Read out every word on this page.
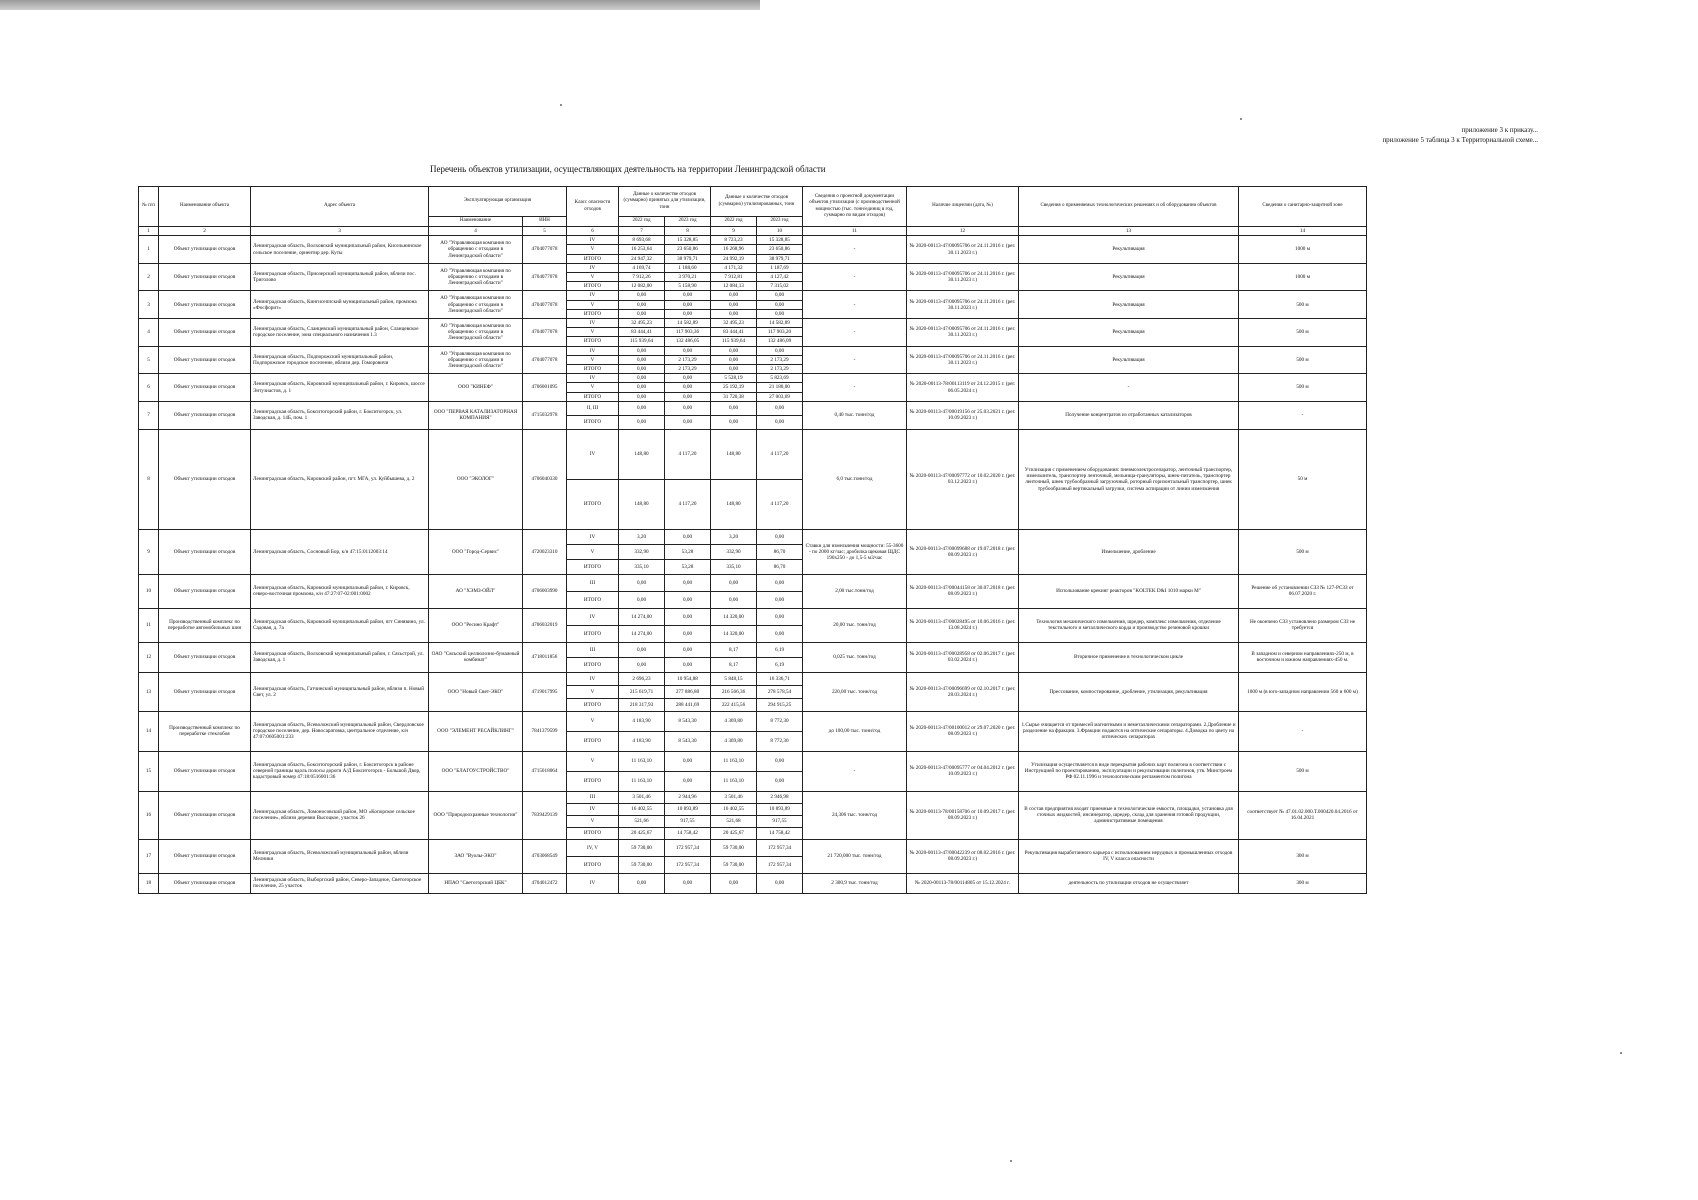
приложение 3 к приказу...
приложение 5 таблица 3 к Территориальной схеме...
Перечень объектов утилизации, осуществляющих деятельность на территории Ленинградской области
№ п/п	Наименование объекта	Адрес объекта	Эксплуатирующая организация		Класс опасности отходов	Данные о количестве отходов (суммарно) принятых для утилизации, тонн		Данные о количестве отходов (суммарно) утилизированных, тонн		Сведения о проектной документации объектов утилизации (с производственной мощностью (тыс. тонн/единиц в год, суммарно по видам отходов)	Наличие лицензии (дата, №)	Сведения о применяемых технологических решениях и об оборудовании объектов	Сведения о санитарно-защитной зоне
			Наименование	ИНН		2022 год	2023 год	2022 год	2023 год				
1	2	3	4	5	6	7	8	9	10	11	12	13	14
1	Объект утилизации отходов	Ленинградская область, Волховский муниципальный район, Кисельнинское сельское поселение, ориентир дер. Куты	АО "Управляющая компания по обращению с отходами в Ленинградской области"	4704077078	IV	8 693,68	15 328,85	8 723,23	15 328,85	-	№ 2020-00113-47/00095706 от 24.11.2016 г. (рег. 30.11.2023 г.)	Рекультивация	1000 м
					V	16 253,64	23 650,86	16 268,96	23 650,86				
					ИТОГО	24 947,32	38 979,71	24 992,19	38 979,71				
2	Объект утилизации отходов	Ленинградская область, Приозерский муниципальный район, вблизи пос. Триголово	АО "Управляющая компания по обращению с отходами в Ленинградской области"	4704077078	IV	4 169,74	1 188,60	4 171,32	1 187,69	-	№ 2020-00113-47/00095706 от 24.11.2016 г. (рег. 30.11.2023 г.)	Рекультивация	1000 м
					V	7 912,26	3 970,21	7 912,81	4 127,42				
					ИТОГО	12 082,00	5 158,90	12 084,13	7 315,02				
3	Объект утилизации отходов	Ленинградская область, Кингисеппский муниципальный район, промзона «Фосфорит»	АО "Управляющая компания по обращению с отходами в Ленинградской области"	4704077078	IV	0,00	0,00	0,00	0,00	-	№ 2020-00113-47/00095706 от 24.11.2016 г. (рег. 30.11.2023 г.)	Рекультивация	500 м
					V	0,00	0,00	0,00	0,00				
					ИТОГО	0,00	0,00	0,00	0,00				
4	Объект утилизации отходов	Ленинградская область, Сланцевский муниципальный район, Сланцевское городское поселение, зона специального назначения 1.3	АО "Управляющая компания по обращению с отходами в Ленинградской области"	4704077078	IV	32 495,23	14 582,89	32 495,23	14 582,89	-	№ 2020-00113-47/00095706 от 24.11.2016 г. (рег. 30.11.2023 г.)	Рекультивация	500 м
					V	83 444,41	117 903,36	83 444,41	117 903,20				
					ИТОГО	115 939,64	132 486,05	115 939,64	132 486,09				
5	Объект утилизации отходов	Ленинградская область, Подпорожский муниципальный район, Подпорожское городское поселение, вблизи дер. Гоморовичи	АО "Управляющая компания по обращению с отходами в Ленинградской области"	4704077078	IV	0,00	0,00	0,00	0,00	-	№ 2020-00113-47/00095706 от 24.11.2016 г. (рег. 30.11.2023 г.)	Рекультивация	500 м
					V	0,00	2 173,29	0,00	2 173,29				
					ИТОГО	0,00	2 173,29	0,00	2 173,29				
6	Объект утилизации отходов	Ленинградская область, Кировский муниципальный район, г. Кировск, шоссе Энтузиастов, д. 1	ООО "КИНЕФ"	4706001095	IV	0,00	0,00	5 528,19	5 823,69	-	№ 2020-00113-78/00113119 от 24.12.2015 г. (рег. 06.05.2024 г.)	-	500 м
					V	0,00	0,00	25 192,19	21 180,00				
					ИТОГО	0,00	0,00	31 720,38	27 003,69				
7	Объект утилизации отходов	Ленинградская область, Бокситогорский район, г. Бокситогорск, ул. Заводская, д. 14Б, пом. 1	ООО "ПЕРВАЯ КАТАЛИЗАТОРНАЯ КОМПАНИЯ"	4715032978	II, III	0,00	0,00	0,00	0,00	0,40 тыс. тонн/год	№ 2020-00113-47/00019156 от 25.03.2021 г. (рег. 10.09.2023 г.)	Получение концентратов из отработанных катализаторов	-
					ИТОГО	0,00	0,00	0,00	0,00				
8	Объект утилизации отходов	Ленинградская область, Кировский район, пгт. МГА, ул. Куйбышева, д. 2	ООО "ЭКОЛОГ"	4706040330	IV	148,80	4 117,20	148,80	4 117,20	6,0 тыс.тонн/год	№ 2020-00113-47/00097772 от 10.02.2020 г. (рег. 03.12.2023 г.)	Утилизация с применением оборудования: пневмоэлектросепаратор, ленточный транспортер, измельчитель, транспортер ленточный, мельница-грануляторы, шнек-питатель, транспортер ленточный, шнек трубообразный загрузочный, роторный горизонтальный транспортер, шнек трубообразный вертикальный загрузки, система аспирации от линии измельчения	50 м
					ИТОГО	148,80	4 117,20	148,80	4 117,20				
9	Объект утилизации отходов	Ленинградская область, Сосновый Бор, к/н 47:15:0112003:14	ООО "Город-Сервис"	4720023310	IV	3,20	0,00	3,20	0,00	Ставки для измельчения мощности: 55-3600 - по 2000 кг/час; дробилка щековая ЩДС 190х250 - до 1,5-5 м3/час	№ 2020-00113-47/00099688 от 19.07.2018 г. (рег. 08.09.2023 г.)	Измельчение, дробление	500 м
					V	332,90	53,28	332,90	86,70				
					ИТОГО	335,10	53,28	335,10	86,70				
10	Объект утилизации отходов	Ленинградская область, Кировский муниципальный район, г. Кировск, северо-восточная промзона, к/н 47:27:07-02:001:0002	АО "ХЭМЗ-ОЙЛ"	4706003990	III	0,00	0,00	0,00	0,00	2,00 тыс.тонн/год	№ 2020-00113-47/00044158 от 30.07.2018 г. (рег. 08.09.2023 г.)	Использование крекинг реакторов "KOLTEK D&I 1010 марки М"	Решение об установлении СЗЗ № 127-РСЗЗ от 06.07.2020 г.
					ИТОГО	0,00	0,00	0,00	0,00				
11	Производственный комплекс по переработке автомобильных шин	Ленинградская область, Кировский муниципальный район, пгт Синявино, ул. Садовая, д. 7а	ООО "Ресино Крафт"	4706032019	IV	14 274,00	0,00	14 320,00	0,00	20,00 тыс. тонн/год	№ 2020-00113-47/00028495 от 10.06.2016 г. (рег. 13.08.2024 г.)	Технология механического измельчения, шредер, комплекс измельчения, отделение текстильного и металлического корда и производство резиновой крошки	Не окончено СЗЗ установлено размером СЗЗ не требуется
					ИТОГО	14 274,00	0,00	14 320,00	0,00				
12	Объект утилизации отходов	Ленинградская область, Волховский муниципальный район, г. Сясьстрой, ул. Заводская, д. 1	ОАО "Сясьский целлюлозно-бумажный комбинат"	4718011856	III	0,00	0,00	8,17	6,19	0,025 тыс. тонн/год	№ 2020-00113-47/00028958 от 02.06.2017 г. (рег. 03.02.2024 г.)	Вторичное применение в технологическом цикле	В западном и северном направлениях-250 м, в восточном и южном направлениях-450 м.
					ИТОГО	0,00	0,00	8,17	6,19				
13	Объект утилизации отходов	Ленинградская область, Гатчинский муниципальный район, вблизи п. Новый Свет, ул. 2	ООО "Новый Свет-ЭКО"	4719017995	IV	2 696,23	10 954,88	5 848,15	16 336,71	220,00 тыс. тонн/год	№ 2020-00113-47/00096699 от 02.10.2017 г. (рег. 28.03.2024 г.)	Прессование, компостирование, дробление, утилизация, рекультивация	1000 м (в юго-западном направлении 560 и 600 м)
					V	215 619,71	277 886,80	216 566,36	278 578,54				
					ИТОГО	218 317,93	288 441,69	222 415,56	294 915,25				
14	Производственный комплекс по переработке стеклобоя	Ленинградская область, Всеволожский муниципальный район, Свердловское городское поселение, дер. Новосаратовка, центральное отделение, к/н 47:07:0605001:233	ООО "ЭЛЕМЕНТ РЕСАЙКЛИНГ"	7841379599	V	4 183,90	8 543,30	4 369,80	8 772,30	до 100,00 тыс. тонн/год	№ 2020-00113-47/00100012 от 29.07.2020 г. (рег. 08.09.2023 г.)	1.Сырье очищается от примесей магнитными и неметаллическими сепараторами. 2.Дробление и разделение на фракции. 3.Фракции подаются на оптические сепараторы. 4.Доводка по цвету на оптических сепараторах	-
					ИТОГО	4 183,90	8 543,30	4 369,80	8 772,30				
15	Объект утилизации отходов	Ленинградская область, Бокситогорский район, г. Бокситогорск в районе северной границы вдоль полосы дороги А/Д Бокситогорск - Большой Двор, кадастровый номер 47:18:0516001:36	ООО "БЛАГОУСТРОЙСТВО"	4715018064	V	11 163,10	0,00	11 163,10	0,00	-	№ 2020-00113-47/00095777 от 04.04.2012 г. (рег. 10.09.2023 г.)	Утилизация осуществляется в виде перекрытия рабочих карт полигона в соответствии с Инструкцией по проектированию, эксплуатации и рекультивации полигонов, утв. Минстроем РФ 02.11.1996 и технологическим регламентом полигона	500 м
					ИТОГО	11 163,10	0,00	11 163,10	0,00				
16	Объект утилизации отходов	Ленинградская область, Ломоносовский район, МО «Копорское сельское поселение», вблизи деревни Высоцкое, участок 26	ООО "Природоохранные технологии"	7839429139	III	3 501,46	2 944,96	3 501,46	2 946,98	24,306 тыс. тонн/год	№ 2020-00113-78/00158706 от 10.09.2017 г. (рег. 08.09.2023 г.)	В состав предприятия входят приемные и технологические емкости, площадки, установка для сточных жидкостей, инсинератор, шредер, склад для хранения готовой продукции, административные помещения	соответствует № 47.01.02.000.Т.000420.04.2016 от 16.04.2021
					IV	16 402,55	10 893,89	16 402,55	10 893,89				
					V	521,66	917,55	521,68	917,55				
					ИТОГО	20 425,67	14 758,42	20 425,67	14 758,42				
17	Объект утилизации отходов	Ленинградская область, Всеволожский муниципальный район, вблизи Мелники	ЗАО "Вуолы-ЭКО"	4703068549	IV, V	59 730,00	172 957,34	59 730,00	172 957,34	21 720,000 тыс. тонн/год	№ 2020-00113-47/00042239 от 08.02.2016 г. (рег. 08.09.2023 г.)	Рекультивация выработанного карьера с использованием нерудных и промышленных отходов IV, V класса опасности	300 м
					ИТОГО	59 730,00	172 957,34	59 730,00	172 957,34				
18	Объект утилизации отходов	Ленинградская область, Выборгский район, Северо-Западное, Светогорское поселение, 25 участок	НПАО "Светогорский ЦБК"	4704012472	IV	0,00	0,00	0,00	0,00	2 300,9 тыс. тонн/год	№ 2020-00113-78/00114805 от 15.12.2024 г.	деятельность по утилизации отходов не осуществляет	300 м
